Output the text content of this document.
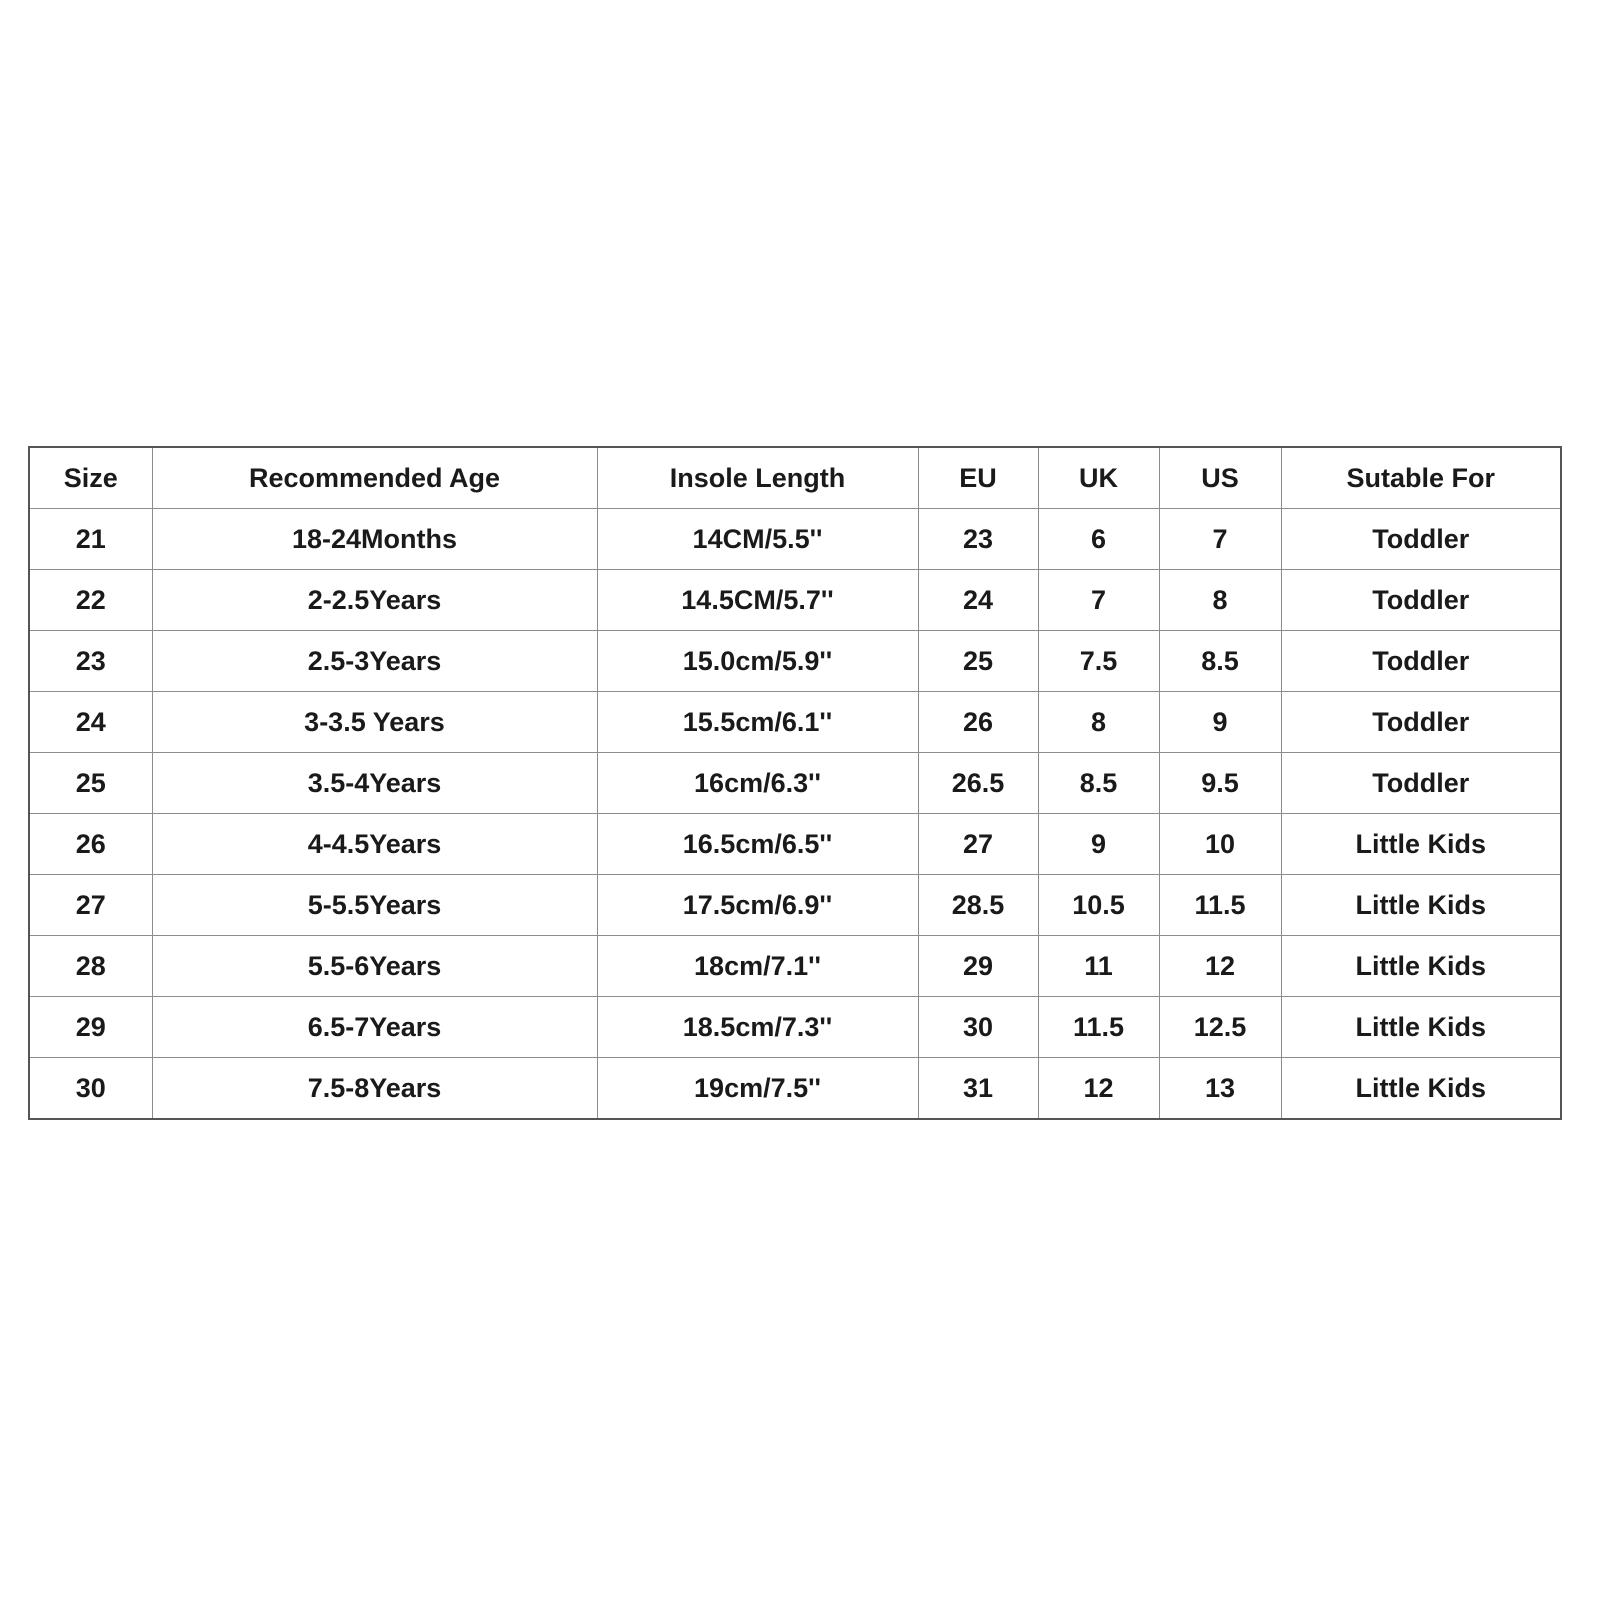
Size	Recommended Age	Insole Length	EU	UK	US	Sutable For
21	18-24Months	14CM/5.5''	23	6	7	Toddler
22	2-2.5Years	14.5CM/5.7''	24	7	8	Toddler
23	2.5-3Years	15.0cm/5.9''	25	7.5	8.5	Toddler
24	3-3.5 Years	15.5cm/6.1''	26	8	9	Toddler
25	3.5-4Years	16cm/6.3''	26.5	8.5	9.5	Toddler
26	4-4.5Years	16.5cm/6.5''	27	9	10	Little Kids
27	5-5.5Years	17.5cm/6.9''	28.5	10.5	11.5	Little Kids
28	5.5-6Years	18cm/7.1''	29	11	12	Little Kids
29	6.5-7Years	18.5cm/7.3''	30	11.5	12.5	Little Kids
30	7.5-8Years	19cm/7.5''	31	12	13	Little Kids
